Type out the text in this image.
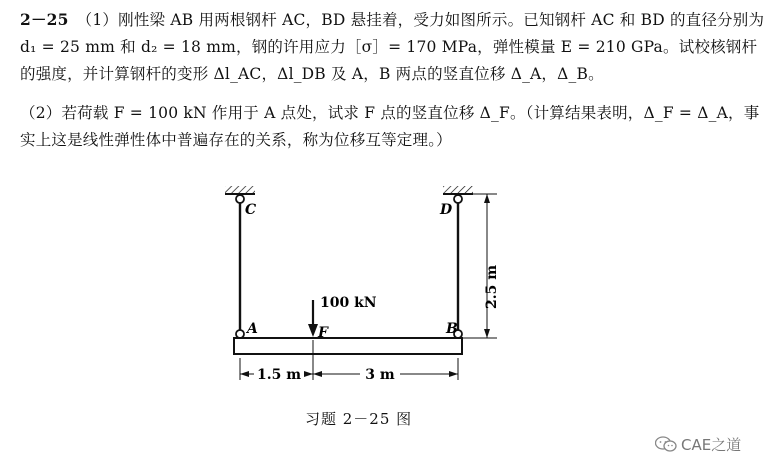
2－25 （1）刚性梁 AB 用两根钢杆 AC，BD 悬挂着，受力如图所示。已知钢杆 AC 和 BD 的直径分别为 d₁ = 25 mm 和 d₂ = 18 mm，钢的许用应力［σ］= 170 MPa，弹性模量 E = 210 GPa。试校核钢杆的强度，并计算钢杆的变形 Δl_AC，Δl_DB 及 A，B 两点的竖直位移 Δ_A，Δ_B。
（2）若荷载 F = 100 kN 作用于 A 点处，试求 F 点的竖直位移 Δ_F。（计算结果表明，Δ_F = Δ_A，事实上这是线性弹性体中普遍存在的关系，称为位移互等定理。）
C	D
A	B
F
100 kN	2.5 m
1.5 m	3 m
习题 2－25 图
CAE之道
